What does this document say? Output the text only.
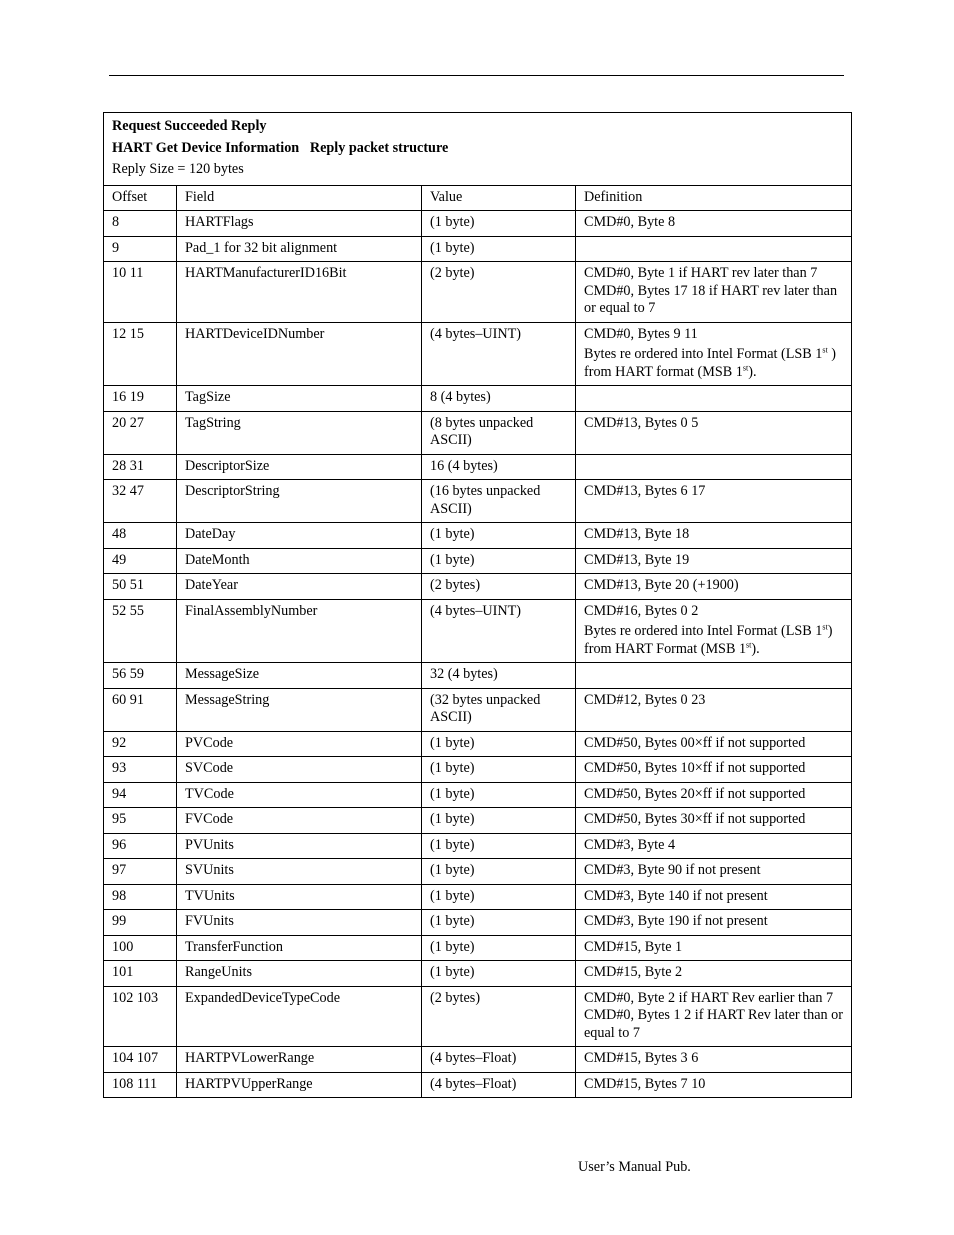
Request Succeeded Reply
HART Get Device Information Reply packet structure
Reply Size = 120 bytes			

Offset	Field	Value	Definition
8	HARTFlags	(1 byte)	CMD#0, Byte 8

9	Pad_1 for 32 bit alignment	(1 byte)	
10 11	HARTManufacturerID16Bit	(2 byte)	CMD#0, Byte 1 if HART rev later than 7
CMD#0, Bytes 17 18 if HART rev later than or equal to 7

12 15	HARTDeviceIDNumber	(4 bytes–UINT)	CMD#0, Bytes 9 11
Bytes re ordered into Intel Format (LSB 1st ) from HART format (MSB 1st).

16 19	TagSize	8 (4 bytes)	
20 27	TagString	(8 bytes unpacked ASCII)	CMD#13, Bytes 0 5

28 31	DescriptorSize	16 (4 bytes)	
32 47	DescriptorString	(16 bytes unpacked ASCII)	CMD#13, Bytes 6 17

48	DateDay	(1 byte)	CMD#13, Byte 18

49	DateMonth	(1 byte)	CMD#13, Byte 19

50 51	DateYear	(2 bytes)	CMD#13, Byte 20 (+1900)

52 55	FinalAssemblyNumber	(4 bytes–UINT)	CMD#16, Bytes 0 2
Bytes re ordered into Intel Format (LSB 1st) from HART Format (MSB 1st).

56 59	MessageSize	32 (4 bytes)	
60 91	MessageString	(32 bytes unpacked ASCII)	CMD#12, Bytes 0 23

92	PVCode	(1 byte)	CMD#50, Bytes 00×ff if not supported

93	SVCode	(1 byte)	CMD#50, Bytes 10×ff if not supported

94	TVCode	(1 byte)	CMD#50, Bytes 20×ff if not supported

95	FVCode	(1 byte)	CMD#50, Bytes 30×ff if not supported

96	PVUnits	(1 byte)	CMD#3, Byte 4

97	SVUnits	(1 byte)	CMD#3, Byte 90 if not present

98	TVUnits	(1 byte)	CMD#3, Byte 140 if not present

99	FVUnits	(1 byte)	CMD#3, Byte 190 if not present

100	TransferFunction	(1 byte)	CMD#15, Byte 1

101	RangeUnits	(1 byte)	CMD#15, Byte 2

102 103	ExpandedDeviceTypeCode	(2 bytes)	CMD#0, Byte 2 if HART Rev earlier than 7
CMD#0, Bytes 1 2 if HART Rev later than or equal to 7

104 107	HARTPVLowerRange	(4 bytes–Float)	CMD#15, Bytes 3 6

108 111	HARTPVUpperRange	(4 bytes–Float)	CMD#15, Bytes 7 10
User’s Manual Pub.
